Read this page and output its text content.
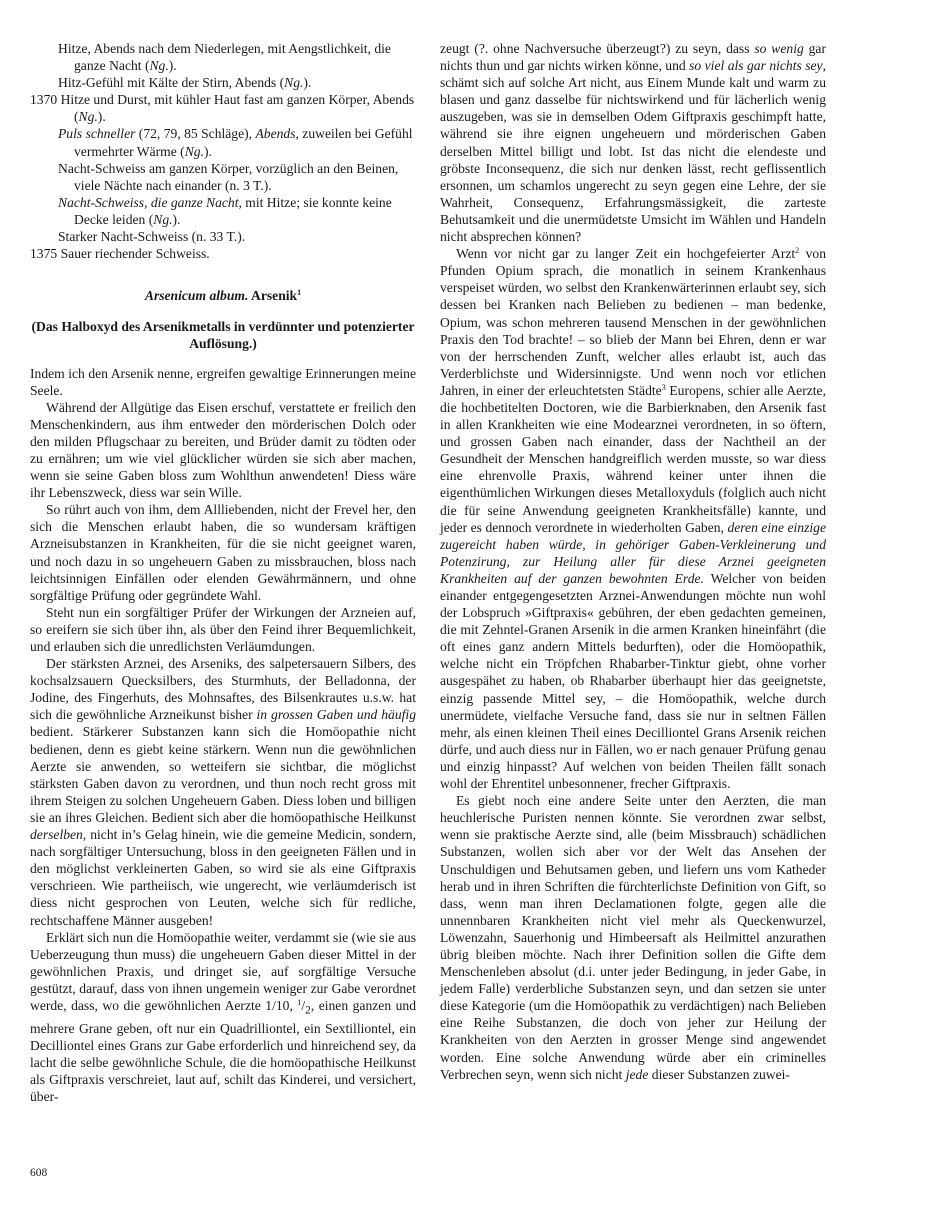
Hitze, Abends nach dem Niederlegen, mit Aengstlichkeit, die ganze Nacht (Ng.).

Hitz-Gefühl mit Kälte der Stirn, Abends (Ng.).

1370 Hitze und Durst, mit kühler Haut fast am ganzen Körper, Abends (Ng.).

Puls schneller (72, 79, 85 Schläge), Abends, zuweilen bei Gefühl vermehrter Wärme (Ng.).

Nacht-Schweiss am ganzen Körper, vorzüglich an den Beinen, viele Nächte nach einander (n. 3 T.).

Nacht-Schweiss, die ganze Nacht, mit Hitze; sie konnte keine Decke leiden (Ng.).

Starker Nacht-Schweiss (n. 33 T.).

1375 Sauer riechender Schweiss.

Arsenicum album. Arsenik$^1$
(Das Halboxyd des Arsenikmetalls in verdünnter und potenzierter Auflösung.)

Indem ich den Arsenik nenne, ergreifen gewaltige Erinnerungen meine Seele.

Während der Allgütige das Eisen erschuf, verstattete er freilich den Menschenkindern, aus ihm entweder den mörderischen Dolch oder den milden Pflugschaar zu bereiten, und Brüder damit zu tödten oder zu ernähren; um wie viel glücklicher würden sie sich aber machen, wenn sie seine Gaben bloss zum Wohlthun anwendeten! Diess wäre ihr Lebenszweck, diess war sein Wille.

So rührt auch von ihm, dem Allliebenden, nicht der Frevel her, den sich die Menschen erlaubt haben, die so wundersam kräftigen Arzneisubstanzen in Krankheiten, für die sie nicht geeignet waren, und noch dazu in so ungeheuern Gaben zu missbrauchen, bloss nach leichtsinnigen Einfällen oder elenden Gewährmännern, und ohne sorgfältige Prüfung oder gegründete Wahl.

Steht nun ein sorgfältiger Prüfer der Wirkungen der Arzneien auf, so ereifern sie sich über ihn, als über den Feind ihrer Bequemlichkeit, und erlauben sich die unredlichsten Verläumdungen.

Der stärksten Arznei, des Arseniks, des salpetersauern Silbers, des kochsalzsauern Quecksilbers, des Sturmhuts, der Belladonna, der Jodine, des Fingerhuts, des Mohnsaftes, des Bilsenkrautes u.s.w. hat sich die gewöhnliche Arzneikunst bisher in grossen Gaben und häufig bedient. Stärkerer Substanzen kann sich die Homöopathie nicht bedienen, denn es giebt keine stärkern. Wenn nun die gewöhnlichen Aerzte sie anwenden, so wetteifern sie sichtbar, die möglichst stärksten Gaben davon zu verordnen, und thun noch recht gross mit ihrem Steigen zu solchen Ungeheuern Gaben. Diess loben und billigen sie an ihres Gleichen. Bedient sich aber die homöopathische Heilkunst derselben, nicht in’s Gelag hinein, wie die gemeine Medicin, sondern, nach sorgfältiger Untersuchung, bloss in den geeigneten Fällen und in den möglichst verkleinerten Gaben, so wird sie als eine Giftpraxis verschrieen. Wie partheiisch, wie ungerecht, wie verläumderisch ist diess nicht gesprochen von Leuten, welche sich für redliche, rechtschaffene Männer ausgeben!

Erklärt sich nun die Homöopathie weiter, verdammt sie (wie sie aus Ueberzeugung thun muss) die ungeheuern Gaben dieser Mittel in der gewöhnlichen Praxis, und dringet sie, auf sorgfältige Versuche gestützt, darauf, dass von ihnen ungemein weniger zur Gabe verordnet werde, dass, wo die gewöhnlichen Aerzte 1/10, $^1/_2$, einen ganzen und mehrere Grane geben, oft nur ein Quadrilliontel, ein Sextilliontel, ein Decilliontel eines Grans zur Gabe erforderlich und hinreichend sey, da lacht die selbe gewöhnliche Schule, die die homöopathische Heilkunst als Giftpraxis verschreiet, laut auf, schilt das Kinderei, und versichert, über-

zeugt (?. ohne Nachversuche überzeugt?) zu seyn, dass so wenig gar nichts thun und gar nichts wirken könne, und so viel als gar nichts sey, schämt sich auf solche Art nicht, aus Einem Munde kalt und warm zu blasen und ganz dasselbe für nichtswirkend und für lächerlich wenig auszugeben, was sie in demselben Odem Giftpraxis geschimpft hatte, während sie ihre eignen ungeheuern und mörderischen Gaben derselben Mittel billigt und lobt. Ist das nicht die elendeste und gröbste Inconsequenz, die sich nur denken lässt, recht geflissentlich ersonnen, um schamlos ungerecht zu seyn gegen eine Lehre, der sie Wahrheit, Consequenz, Erfahrungsmässigkeit, die zarteste Behutsamkeit und die unermüdetste Umsicht im Wählen und Handeln nicht absprechen können?

Wenn vor nicht gar zu langer Zeit ein hochgefeierter Arzt$^2$ von Pfunden Opium sprach, die monatlich in seinem Krankenhaus verspeiset würden, wo selbst den Krankenwärterinnen erlaubt sey, sich dessen bei Kranken nach Belieben zu bedienen – man bedenke, Opium, was schon mehreren tausend Menschen in der gewöhnlichen Praxis den Tod brachte! – so blieb der Mann bei Ehren, denn er war von der herrschenden Zunft, welcher alles erlaubt ist, auch das Verderblichste und Widersinnigste. Und wenn noch vor etlichen Jahren, in einer der erleuchtetsten Städte$^3$ Europens, schier alle Aerzte, die hochbetitelten Doctoren, wie die Barbierknaben, den Arsenik fast in allen Krankheiten wie eine Modearznei verordneten, in so öftern, und grossen Gaben nach einander, dass der Nachtheil an der Gesundheit der Menschen handgreiflich werden musste, so war diess eine ehrenvolle Praxis, während keiner unter ihnen die eigenthümlichen Wirkungen dieses Metalloxyduls (folglich auch nicht die für seine Anwendung geeigneten Krankheitsfälle) kannte, und jeder es dennoch verordnete in wiederholten Gaben, deren eine einzige zugereicht haben würde, in gehöriger Gaben-Verkleinerung und Potenzirung, zur Heilung aller für diese Arznei geeigneten Krankheiten auf der ganzen bewohnten Erde. Welcher von beiden einander entgegengesetzten Arznei-Anwendungen möchte nun wohl der Lobspruch »Giftpraxis« gebühren, der eben gedachten gemeinen, die mit Zehntel-Granen Arsenik in die armen Kranken hineinfährt (die oft eines ganz andern Mittels bedurften), oder die Homöopathik, welche nicht ein Tröpfchen Rhabarber-Tinktur giebt, ohne vorher ausgespähet zu haben, ob Rhabarber überhaupt hier das geeignetste, einzig passende Mittel sey, – die Homöopathik, welche durch unermüdete, vielfache Versuche fand, dass sie nur in seltnen Fällen mehr, als einen kleinen Theil eines Decilliontel Grans Arsenik reichen dürfe, und auch diess nur in Fällen, wo er nach genauer Prüfung genau und einzig hinpasst? Auf welchen von beiden Theilen fällt sonach wohl der Ehrentitel unbesonnener, frecher Giftpraxis.

Es giebt noch eine andere Seite unter den Aerzten, die man heuchlerische Puristen nennen könnte. Sie verordnen zwar selbst, wenn sie praktische Aerzte sind, alle (beim Missbrauch) schädlichen Substanzen, wollen sich aber vor der Welt das Ansehen der Unschuldigen und Behutsamen geben, und liefern uns vom Katheder herab und in ihren Schriften die fürchterlichste Definition von Gift, so dass, wenn man ihren Declamationen folgte, gegen alle die unnennbaren Krankheiten nicht viel mehr als Queckenwurzel, Löwenzahn, Sauerhonig und Himbeersaft als Heilmittel anzurathen übrig bleiben möchte. Nach ihrer Definition sollen die Gifte dem Menschenleben absolut (d.i. unter jeder Bedingung, in jeder Gabe, in jedem Falle) verderbliche Substanzen seyn, und dan setzen sie unter diese Kategorie (um die Homöopathik zu verdächtigen) nach Belieben eine Reihe Substanzen, die doch von jeher zur Heilung der Krankheiten von den Aerzten in grosser Menge sind angewendet worden. Eine solche Anwendung würde aber ein criminelles Verbrechen seyn, wenn sich nicht jede dieser Substanzen zuwei-

608
